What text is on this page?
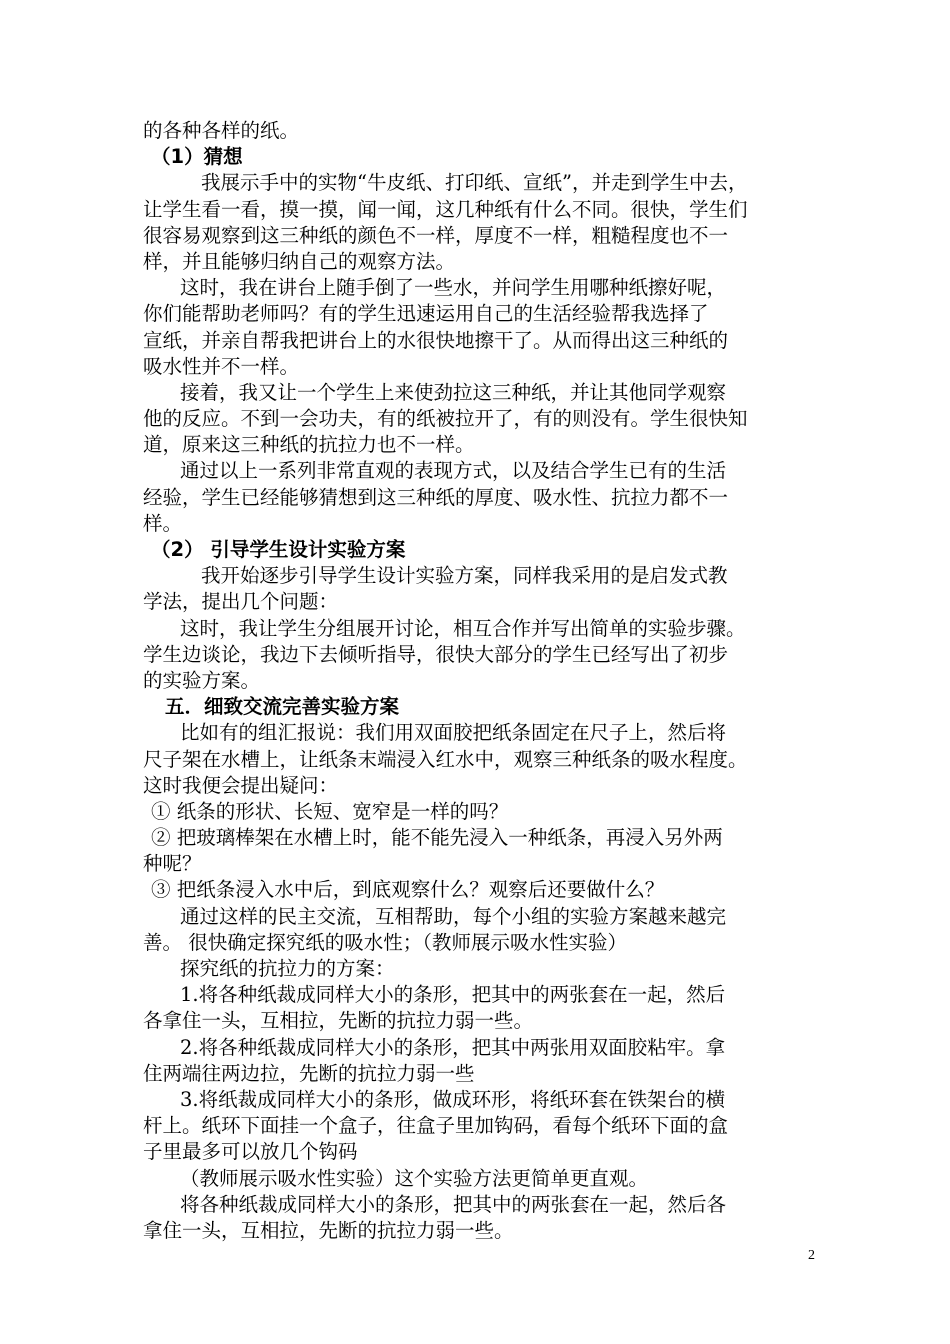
的各种各样的纸。

（1）猜想

我展示手中的实物“牛皮纸、打印纸、宣纸”，并走到学生中去，

让学生看一看，摸一摸，闻一闻，这几种纸有什么不同。很快，学生们

很容易观察到这三种纸的颜色不一样，厚度不一样，粗糙程度也不一

样，并且能够归纳自己的观察方法。

这时，我在讲台上随手倒了一些水，并问学生用哪种纸擦好呢，

你们能帮助老师吗？有的学生迅速运用自己的生活经验帮我选择了

宣纸，并亲自帮我把讲台上的水很快地擦干了。从而得出这三种纸的

吸水性并不一样。

接着，我又让一个学生上来使劲拉这三种纸，并让其他同学观察

他的反应。不到一会功夫，有的纸被拉开了，有的则没有。学生很快知

道，原来这三种纸的抗拉力也不一样。

通过以上一系列非常直观的表现方式，以及结合学生已有的生活

经验，学生已经能够猜想到这三种纸的厚度、吸水性、抗拉力都不一

样。

（2） 引导学生设计实验方案

我开始逐步引导学生设计实验方案，同样我采用的是启发式教

学法，提出几个问题：

这时，我让学生分组展开讨论，相互合作并写出简单的实验步骤。

学生边谈论，我边下去倾听指导，很快大部分的学生已经写出了初步

的实验方案。

五．细致交流完善实验方案

比如有的组汇报说：我们用双面胶把纸条固定在尺子上，然后将

尺子架在水槽上，让纸条末端浸入红水中，观察三种纸条的吸水程度。

这时我便会提出疑问：

① 纸条的形状、长短、宽窄是一样的吗？

② 把玻璃棒架在水槽上时，能不能先浸入一种纸条，再浸入另外两

种呢？

③ 把纸条浸入水中后，到底观察什么？观察后还要做什么？

通过这样的民主交流，互相帮助，每个小组的实验方案越来越完

善。 很快确定探究纸的吸水性；（教师展示吸水性实验）

探究纸的抗拉力的方案：

1.将各种纸裁成同样大小的条形，把其中的两张套在一起，然后

各拿住一头，互相拉，先断的抗拉力弱一些。

2.将各种纸裁成同样大小的条形，把其中两张用双面胶粘牢。拿

住两端往两边拉，先断的抗拉力弱一些

3.将纸裁成同样大小的条形，做成环形，将纸环套在铁架台的横

杆上。纸环下面挂一个盒子，往盒子里加钩码，看每个纸环下面的盒

子里最多可以放几个钩码

（教师展示吸水性实验）这个实验方法更简单更直观。

将各种纸裁成同样大小的条形，把其中的两张套在一起，然后各

拿住一头，互相拉，先断的抗拉力弱一些。

2
